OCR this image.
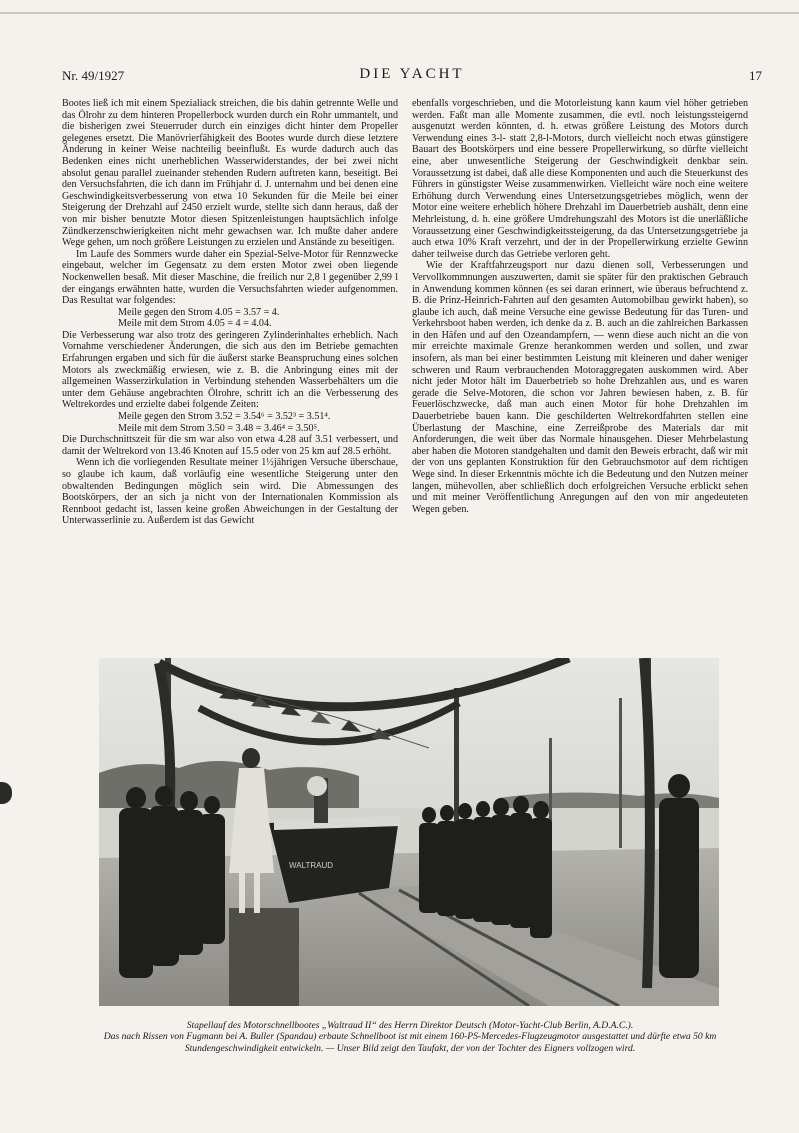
Nr. 49/1927	DIE YACHT	17

Bootes ließ ich mit einem Spezialiack streichen, die bis dahin getrennte Welle und das Ölrohr zu dem hinteren Propellerbock wurden durch ein Rohr ummantelt, und die bisherigen zwei Steuerruder durch ein einziges dicht hinter dem Propeller gelegenes ersetzt. Die Manövrierfähigkeit des Bootes wurde durch diese letztere Änderung in keiner Weise nachteilig beeinflußt. Es wurde dadurch auch das Bedenken eines nicht unerheblichen Wasserwiderstandes, der bei zwei nicht absolut genau parallel zueinander stehenden Rudern auftreten kann, beseitigt. Bei den Versuchsfahrten, die ich dann im Frühjahr d. J. unternahm und bei denen eine Geschwindigkeitsverbesserung von etwa 10 Sekunden für die Meile bei einer Steigerung der Drehzahl auf 2450 erzielt wurde, stellte sich dann heraus, daß der von mir bisher benutzte Motor diesen Spitzenleistungen hauptsächlich infolge Zündkerzenschwierigkeiten nicht mehr gewachsen war. Ich mußte daher andere Wege gehen, um noch größere Leistungen zu erzielen und Anstände zu beseitigen.

Im Laufe des Sommers wurde daher ein Spezial-Selve-Motor für Rennzwecke eingebaut, welcher im Gegensatz zu dem ersten Motor zwei oben liegende Nockenwellen besaß. Mit dieser Maschine, die freilich nur 2,8 l gegenüber 2,99 l der eingangs erwähnten hatte, wurden die Versuchsfahrten wieder aufgenommen. Das Resultat war folgendes:

Meile gegen den Strom 4.05 = 3.57 = 4.

Meile mit dem Strom 4.05 = 4 = 4.04.

Die Verbesserung war also trotz des geringeren Zylinderinhaltes erheblich. Nach Vornahme verschiedener Änderungen, die sich aus den im Betriebe gemachten Erfahrungen ergaben und sich für die äußerst starke Beanspruchung eines solchen Motors als zweckmäßig erwiesen, wie z. B. die Anbringung eines mit der allgemeinen Wasserzirkulation in Verbindung stehenden Wasserbehälters um die unter dem Gehäuse angebrachten Ölrohre, schritt ich an die Verbesserung des Weltrekordes und erzielte dabei folgende Zeiten:

Meile gegen den Strom 3.52 = 3.54⁶ = 3.52³ = 3.51⁴.

Meile mit dem Strom 3.50 = 3.48 = 3.46⁴ = 3.50⁵.

Die Durchschnittszeit für die sm war also von etwa 4.28 auf 3.51 verbessert, und damit der Weltrekord von 13.46 Knoten auf 15.5 oder von 25 km auf 28.5 erhöht.

Wenn ich die vorliegenden Resultate meiner 1½jährigen Versuche überschaue, so glaube ich kaum, daß vorläufig eine wesentliche Steigerung unter den obwaltenden Bedingungen möglich sein wird. Die Abmessungen des Bootskörpers, der an sich ja nicht von der Internationalen Kommission als Rennboot gedacht ist, lassen keine großen Abweichungen in der Gestaltung der Unterwasserlinie zu. Außerdem ist das Gewicht

ebenfalls vorgeschrieben, und die Motorleistung kann kaum viel höher getrieben werden. Faßt man alle Momente zusammen, die evtl. noch leistungssteigernd ausgenutzt werden könnten, d. h. etwas größere Leistung des Motors durch Verwendung eines 3-l- statt 2,8-l-Motors, durch vielleicht noch etwas günstigere Bauart des Bootskörpers und eine bessere Propellerwirkung, so dürfte vielleicht eine, aber unwesentliche Steigerung der Geschwindigkeit denkbar sein. Voraussetzung ist dabei, daß alle diese Komponenten und auch die Steuerkunst des Führers in günstigster Weise zusammenwirken. Vielleicht wäre noch eine weitere Erhöhung durch Verwendung eines Untersetzungsgetriebes möglich, wenn der Motor eine weitere erheblich höhere Drehzahl im Dauerbetrieb aushält, denn eine Mehrleistung, d. h. eine größere Umdrehungszahl des Motors ist die unerläßliche Voraussetzung einer Geschwindigkeitssteigerung, da das Untersetzungsgetriebe ja auch etwa 10% Kraft verzehrt, und der in der Propellerwirkung erzielte Gewinn daher teilweise durch das Getriebe verloren geht.

Wie der Kraftfahrzeugsport nur dazu dienen soll, Verbesserungen und Vervollkommnungen auszuwerten, damit sie später für den praktischen Gebrauch in Anwendung kommen können (es sei daran erinnert, wie überaus befruchtend z. B. die Prinz-Heinrich-Fahrten auf den gesamten Automobilbau gewirkt haben), so glaube ich auch, daß meine Versuche eine gewisse Bedeutung für das Turen- und Verkehrsboot haben werden, ich denke da z. B. auch an die zahlreichen Barkassen in den Häfen und auf den Ozeandampfern, — wenn diese auch nicht an die von mir erreichte maximale Grenze herankommen werden und sollen, und zwar insofern, als man bei einer bestimmten Leistung mit kleineren und daher weniger schweren und Raum verbrauchenden Motoraggregaten auskommen wird. Aber nicht jeder Motor hält im Dauerbetrieb so hohe Drehzahlen aus, und es waren gerade die Selve-Motoren, die schon vor Jahren bewiesen haben, z. B. für Feuerlöschzwecke, daß man auch einen Motor für hohe Drehzahlen im Dauerbetriebe bauen kann. Die geschilderten Weltrekordfahrten stellen eine Überlastung der Maschine, eine Zerreißprobe des Materials dar mit Anforderungen, die weit über das Normale hinausgehen. Dieser Mehrbelastung aber haben die Motoren standgehalten und damit den Beweis erbracht, daß wir mit der von uns geplanten Konstruktion für den Gebrauchsmotor auf dem richtigen Wege sind. In dieser Erkenntnis möchte ich die Bedeutung und den Nutzen meiner langen, mühevollen, aber schließlich doch erfolgreichen Versuche erblickt sehen und mit meiner Veröffentlichung Anregungen auf den von mir angedeuteten Wegen geben.

WALTRAUD
Stapellauf des Motorschnellbootes „Waltraud II“ des Herrn Direktor Deutsch (Motor-Yacht-Club Berlin, A.D.A.C.).
Das nach Rissen von Fugmann bei A. Buller (Spandau) erbaute Schnellboot ist mit einem 160-PS-Mercedes-Flugzeugmotor ausgestattet und dürfte etwa 50 km Stundengeschwindigkeit entwickeln. — Unser Bild zeigt den Taufakt, der von der Tochter des Eigners vollzogen wird.
